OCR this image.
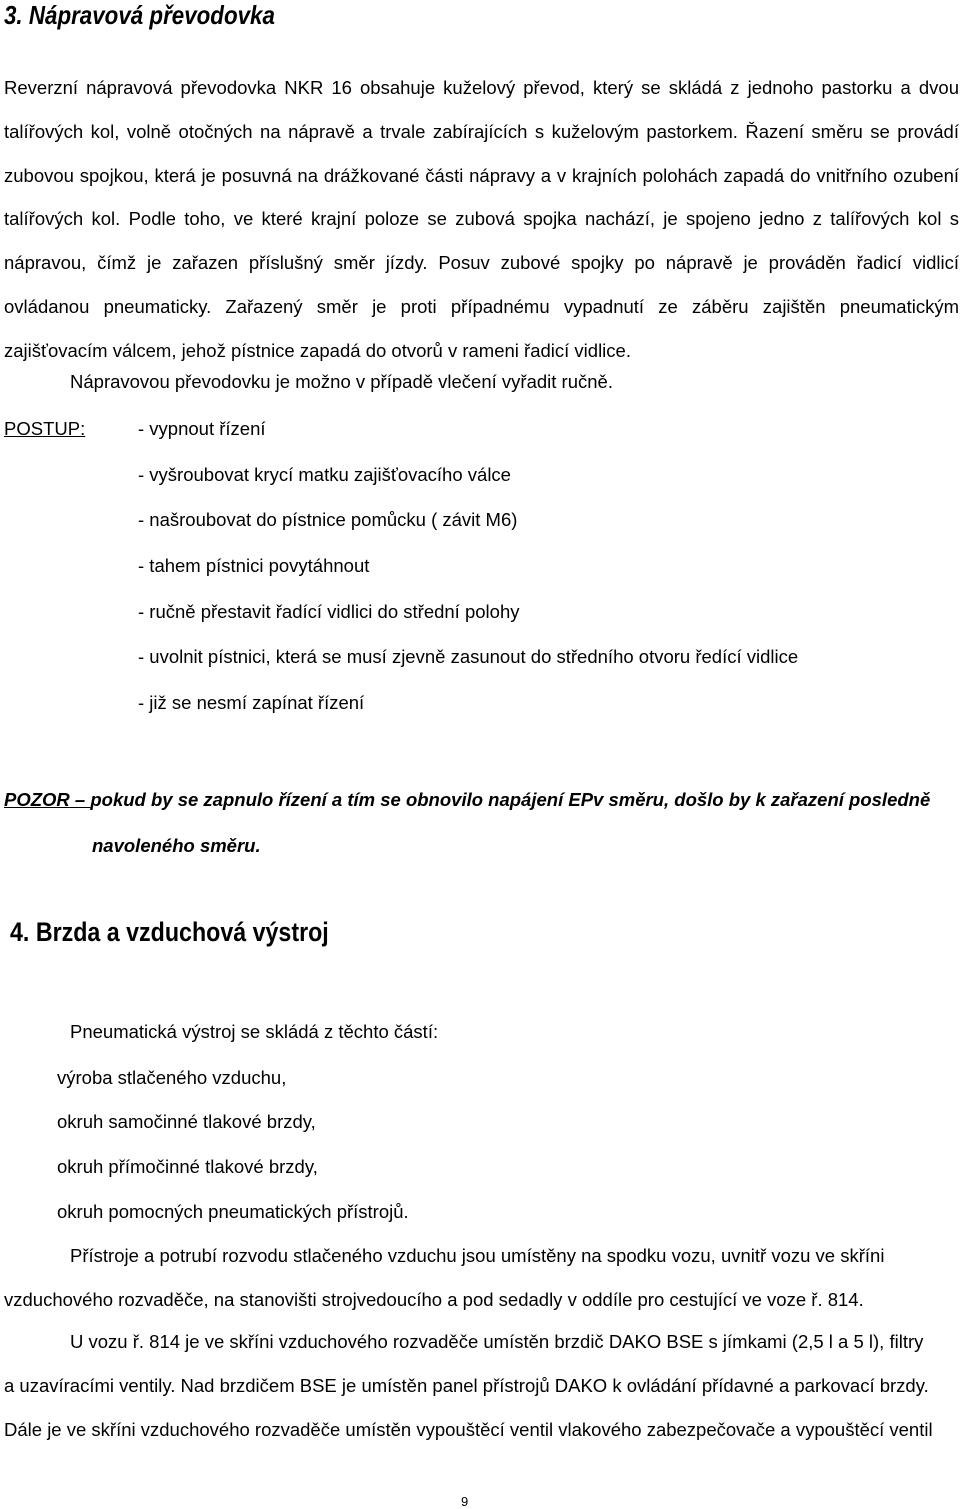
3. Nápravová převodovka
Reverzní nápravová převodovka NKR 16 obsahuje kuželový převod, který se skládá z jednoho pastorku a dvou talířových kol, volně otočných na nápravě a trvale zabírajících s kuželovým pastorkem. Řazení směru se provádí zubovou spojkou, která je posuvná na drážkované části nápravy a v krajních polohách zapadá do vnitřního ozubení talířových kol. Podle toho, ve které krajní poloze se zubová spojka nachází, je spojeno jedno z talířových kol s nápravou, čímž je zařazen příslušný směr jízdy. Posuv zubové spojky po nápravě je prováděn řadicí vidlicí ovládanou pneumaticky. Zařazený směr je proti případnému vypadnutí ze záběru zajištěn pneumatickým zajišťovacím válcem, jehož pístnice zapadá do otvorů v rameni řadicí vidlice.
Nápravovou převodovku je možno v případě vlečení vyřadit ručně.
POSTUP:	- vypnout řízení
- vyšroubovat krycí matku zajišťovacího válce
- našroubovat do pístnice pomůcku ( závit M6)
- tahem pístnici povytáhnout
- ručně přestavit řadící vidlici do střední polohy
- uvolnit pístnici, která se musí zjevně zasunout do středního otvoru ředící vidlice
- již se nesmí zapínat řízení
POZOR – pokud by se zapnulo řízení a tím se obnovilo napájení EPv směru, došlo by k zařazení posledně
navoleného směru.
4. Brzda a vzduchová výstroj
Pneumatická výstroj se skládá z těchto částí:
výroba stlačeného vzduchu,
okruh samočinné tlakové brzdy,
okruh přímočinné tlakové brzdy,
okruh pomocných pneumatických přístrojů.
Přístroje a potrubí rozvodu stlačeného vzduchu jsou umístěny na spodku vozu, uvnitř vozu ve skříni
vzduchového rozvaděče, na stanovišti strojvedoucího a pod sedadly v oddíle pro cestující ve voze ř. 814.
U vozu ř. 814 je ve skříni vzduchového rozvaděče umístěn brzdič DAKO BSE s jímkami (2,5 l a 5 l), filtry
a uzavíracími ventily. Nad brzdičem BSE je umístěn panel přístrojů DAKO k ovládání přídavné a parkovací brzdy.
Dále je ve skříni vzduchového rozvaděče umístěn vypouštěcí ventil vlakového zabezpečovače a vypouštěcí ventil
9
